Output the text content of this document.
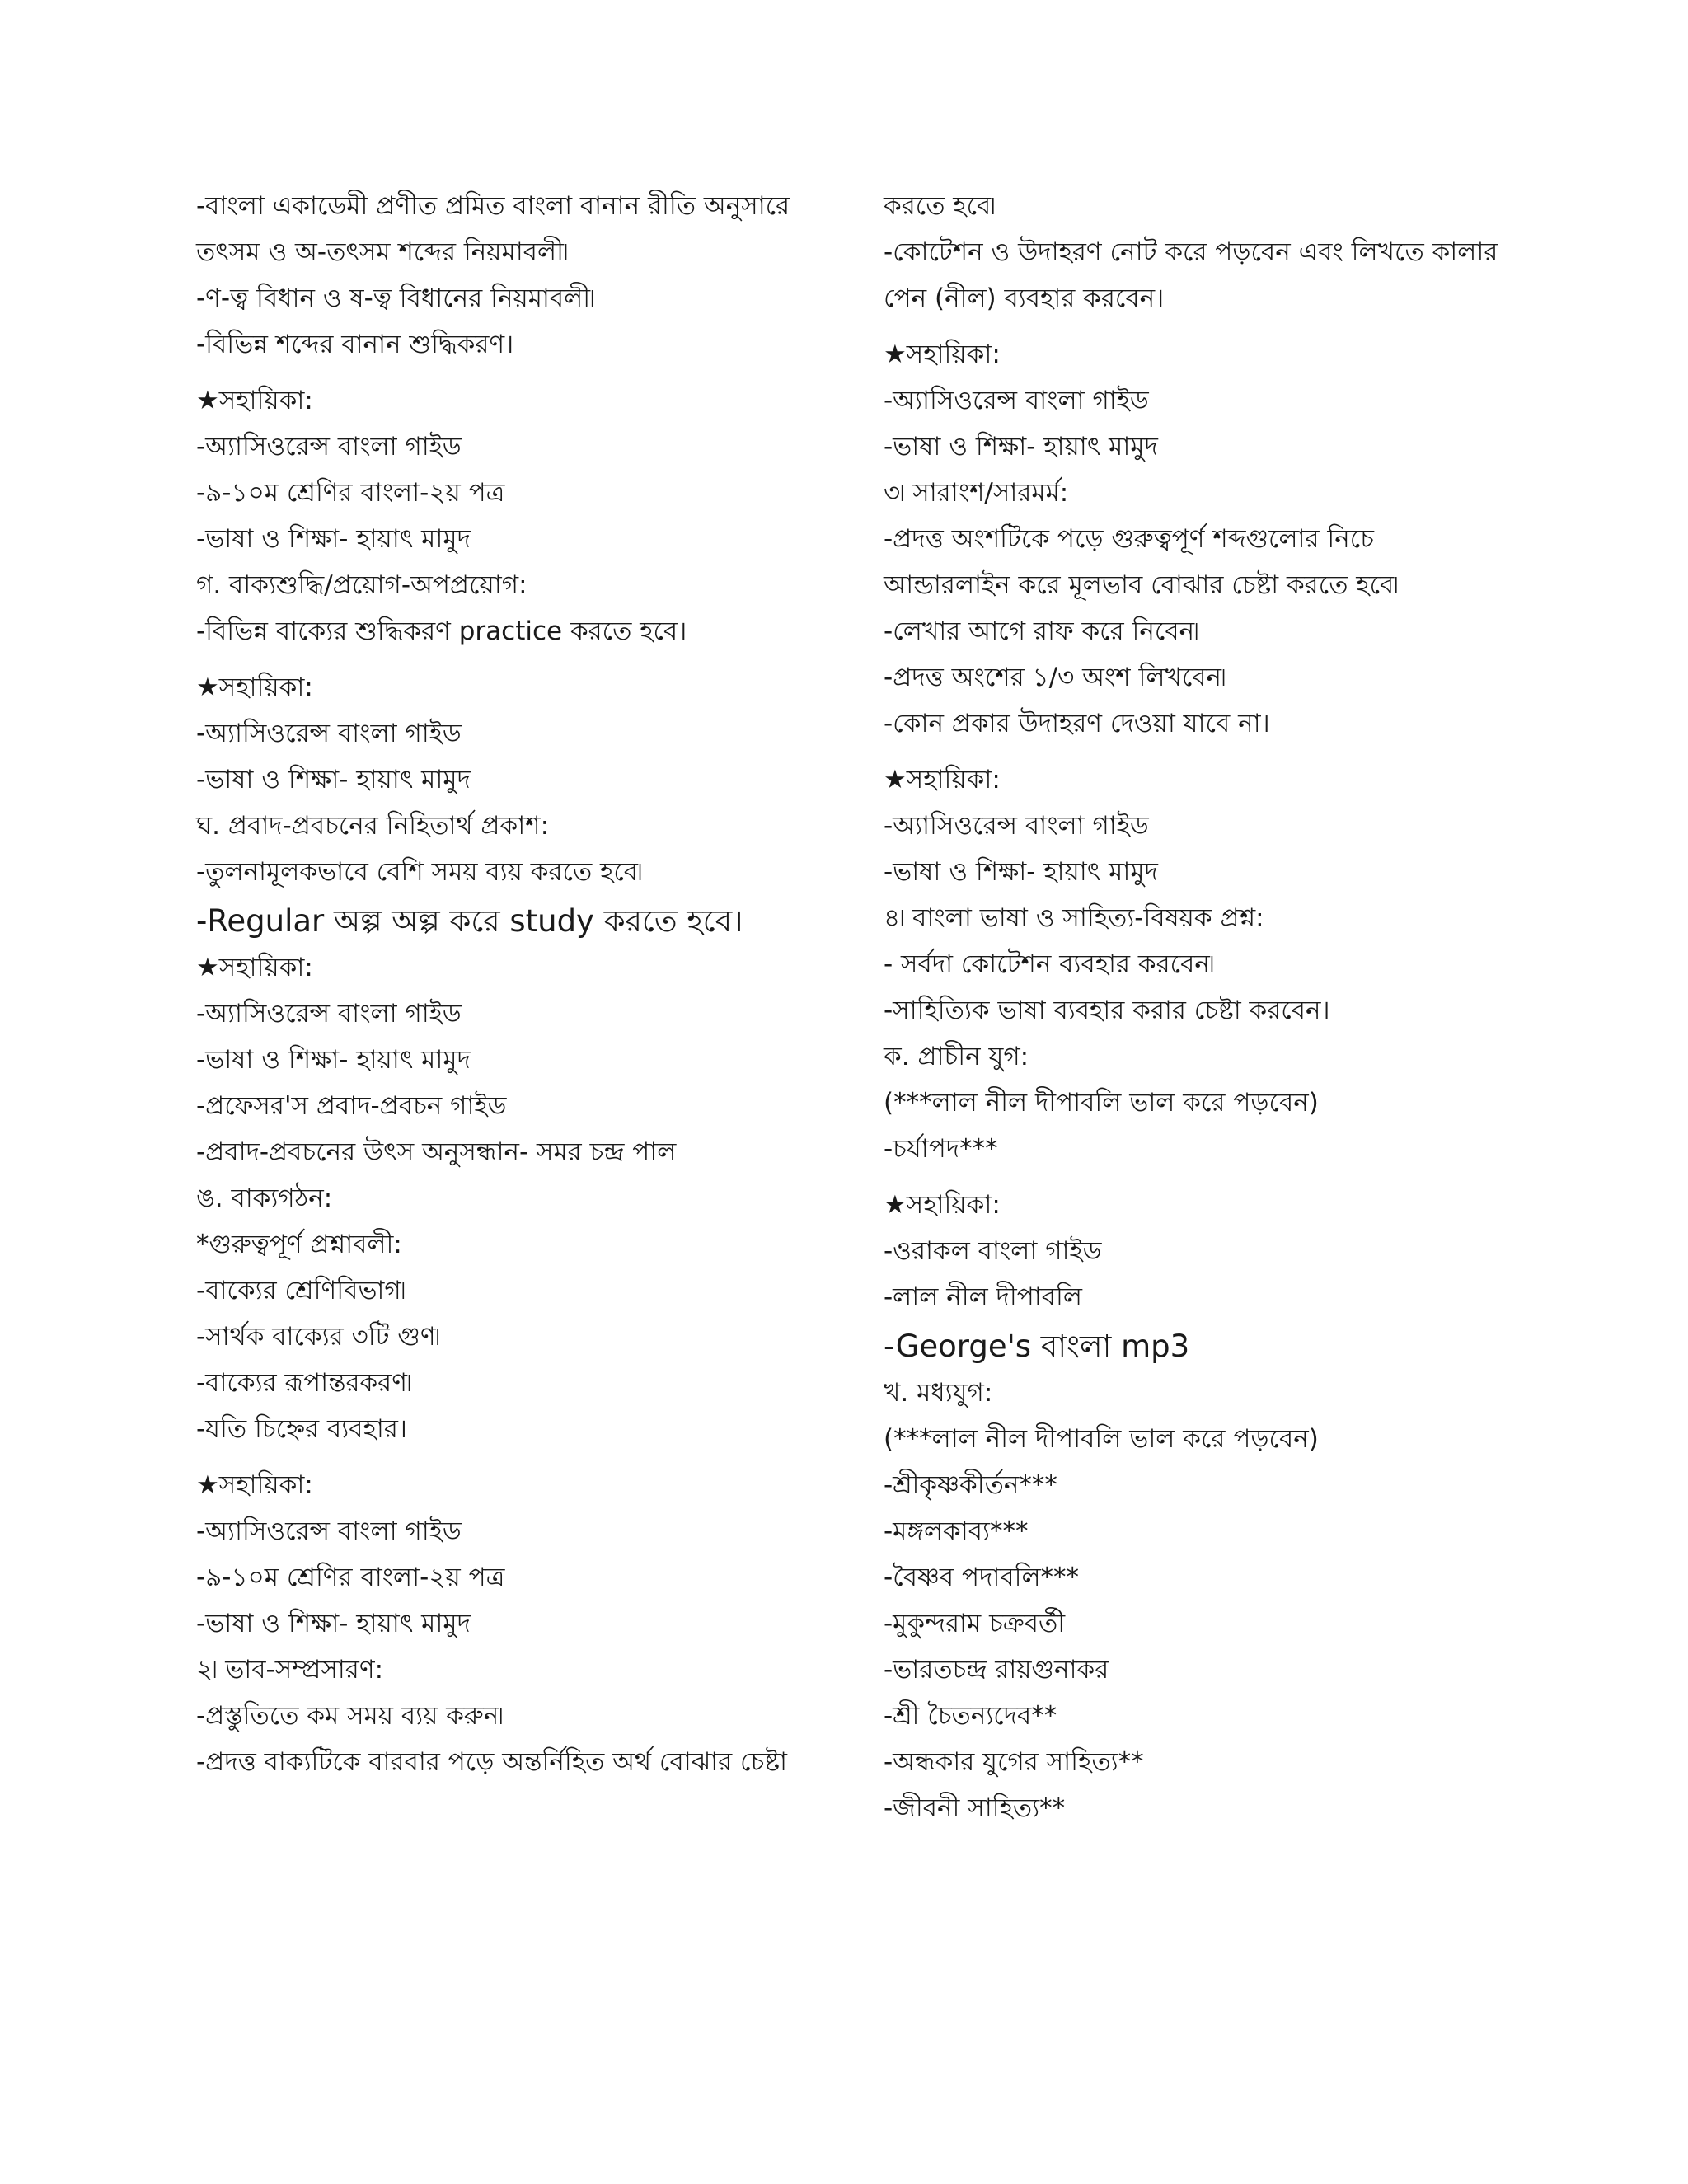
-বাংলা একাডেমী প্রণীত প্রমিত বাংলা বানান রীতি অনুসারে
তৎসম ও অ-তৎসম শব্দের নিয়মাবলী৷
-ণ-ত্ব বিধান ও ষ-ত্ব বিধানের নিয়মাবলী৷
-বিভিন্ন শব্দের বানান শুদ্ধিকরণ।
★সহায়িকা:
-অ্যাসিওরেন্স বাংলা গাইড
-৯-১০ম শ্রেণির বাংলা-২য় পত্র
-ভাষা ও শিক্ষা- হায়াৎ মামুদ
গ. বাক্যশুদ্ধি/প্রয়োগ-অপপ্রয়োগ:
-বিভিন্ন বাক্যের শুদ্ধিকরণ practice করতে হবে।
★সহায়িকা:
-অ্যাসিওরেন্স বাংলা গাইড
-ভাষা ও শিক্ষা- হায়াৎ মামুদ
ঘ. প্রবাদ-প্রবচনের নিহিতার্থ প্রকাশ:
-তুলনামূলকভাবে বেশি সময় ব্যয় করতে হবে৷
-Regular অল্প অল্প করে study করতে হবে।
★সহায়িকা:
-অ্যাসিওরেন্স বাংলা গাইড
-ভাষা ও শিক্ষা- হায়াৎ মামুদ
-প্রফেসর'স প্রবাদ-প্রবচন গাইড
-প্রবাদ-প্রবচনের উৎস অনুসন্ধান- সমর চন্দ্র পাল
ঙ. বাক্যগঠন:
*গুরুত্বপূর্ণ প্রশ্নাবলী:
-বাক্যের শ্রেণিবিভাগ৷
-সার্থক বাক্যের ৩টি গুণ৷
-বাক্যের রূপান্তরকরণ৷
-যতি চিহ্নের ব্যবহার।
★সহায়িকা:
-অ্যাসিওরেন্স বাংলা গাইড
-৯-১০ম শ্রেণির বাংলা-২য় পত্র
-ভাষা ও শিক্ষা- হায়াৎ মামুদ
২৷ ভাব-সম্প্রসারণ:
-প্রস্তুতিতে কম সময় ব্যয় করুন৷
-প্রদত্ত বাক্যটিকে বারবার পড়ে অন্তর্নিহিত অর্থ বোঝার চেষ্টা
করতে হবে৷
-কোটেশন ও উদাহরণ নোট করে পড়বেন এবং লিখতে কালার
পেন (নীল) ব্যবহার করবেন।
★সহায়িকা:
-অ্যাসিওরেন্স বাংলা গাইড
-ভাষা ও শিক্ষা- হায়াৎ মামুদ
৩৷ সারাংশ/সারমর্ম:
-প্রদত্ত অংশটিকে পড়ে গুরুত্বপূর্ণ শব্দগুলোর নিচে
আন্ডারলাইন করে মূলভাব বোঝার চেষ্টা করতে হবে৷
-লেখার আগে রাফ করে নিবেন৷
-প্রদত্ত অংশের ১/৩ অংশ লিখবেন৷
-কোন প্রকার উদাহরণ দেওয়া যাবে না।
★সহায়িকা:
-অ্যাসিওরেন্স বাংলা গাইড
-ভাষা ও শিক্ষা- হায়াৎ মামুদ
৪৷ বাংলা ভাষা ও সাহিত্য-বিষয়ক প্রশ্ন:
- সর্বদা কোটেশন ব্যবহার করবেন৷
-সাহিত্যিক ভাষা ব্যবহার করার চেষ্টা করবেন।
ক. প্রাচীন যুগ:
(***লাল নীল দীপাবলি ভাল করে পড়বেন)
-চর্যাপদ***
★সহায়িকা:
-ওরাকল বাংলা গাইড
-লাল নীল দীপাবলি
-George's বাংলা mp3
খ. মধ্যযুগ:
(***লাল নীল দীপাবলি ভাল করে পড়বেন)
-শ্রীকৃষ্ণকীর্তন***
-মঙ্গলকাব্য***
-বৈষ্ণব পদাবলি***
-মুকুন্দরাম চক্রবর্তী
-ভারতচন্দ্র রায়গুনাকর
-শ্রী চৈতন্যদেব**
-অন্ধকার যুগের সাহিত্য**
-জীবনী সাহিত্য**
